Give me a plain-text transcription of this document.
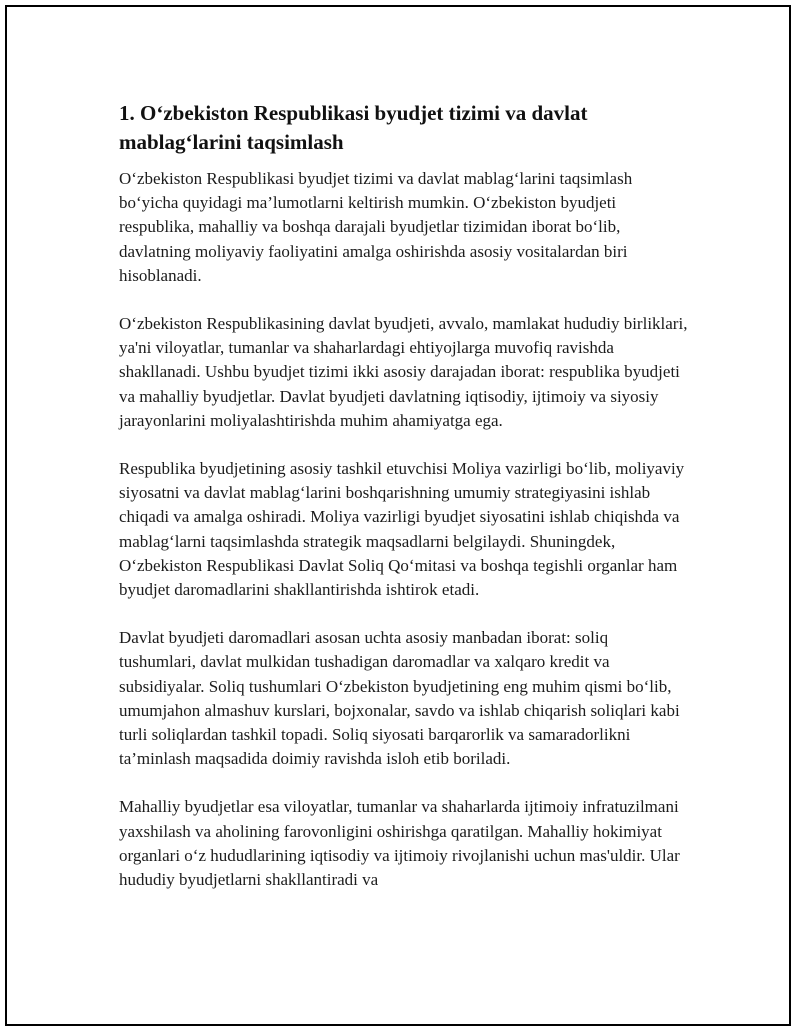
1. O‘zbekiston Respublikasi byudjet tizimi va davlat mablag‘larini taqsimlash

O‘zbekiston Respublikasi byudjet tizimi va davlat mablag‘larini taqsimlash bo‘yicha quyidagi ma’lumotlarni keltirish mumkin. O‘zbekiston byudjeti respublika, mahalliy va boshqa darajali byudjetlar tizimidan iborat bo‘lib, davlatning moliyaviy faoliyatini amalga oshirishda asosiy vositalardan biri hisoblanadi.

O‘zbekiston Respublikasining davlat byudjeti, avvalo, mamlakat hududiy birliklari, ya'ni viloyatlar, tumanlar va shaharlardagi ehtiyojlarga muvofiq ravishda shakllanadi. Ushbu byudjet tizimi ikki asosiy darajadan iborat: respublika byudjeti va mahalliy byudjetlar. Davlat byudjeti davlatning iqtisodiy, ijtimoiy va siyosiy jarayonlarini moliyalashtirishda muhim ahamiyatga ega.

Respublika byudjetining asosiy tashkil etuvchisi Moliya vazirligi bo‘lib, moliyaviy siyosatni va davlat mablag‘larini boshqarishning umumiy strategiyasini ishlab chiqadi va amalga oshiradi. Moliya vazirligi byudjet siyosatini ishlab chiqishda va mablag‘larni taqsimlashda strategik maqsadlarni belgilaydi. Shuningdek, O‘zbekiston Respublikasi Davlat Soliq Qo‘mitasi va boshqa tegishli organlar ham byudjet daromadlarini shakllantirishda ishtirok etadi.

Davlat byudjeti daromadlari asosan uchta asosiy manbadan iborat: soliq tushumlari, davlat mulkidan tushadigan daromadlar va xalqaro kredit va subsidiyalar. Soliq tushumlari O‘zbekiston byudjetining eng muhim qismi bo‘lib, umumjahon almashuv kurslari, bojxonalar, savdo va ishlab chiqarish soliqlari kabi turli soliqlardan tashkil topadi. Soliq siyosati barqarorlik va samaradorlikni ta’minlash maqsadida doimiy ravishda isloh etib boriladi.

Mahalliy byudjetlar esa viloyatlar, tumanlar va shaharlarda ijtimoiy infratuzilmani yaxshilash va aholining farovonligini oshirishga qaratilgan. Mahalliy hokimiyat organlari o‘z hududlarining iqtisodiy va ijtimoiy rivojlanishi uchun mas'uldir. Ular hududiy byudjetlarni shakllantiradi va
